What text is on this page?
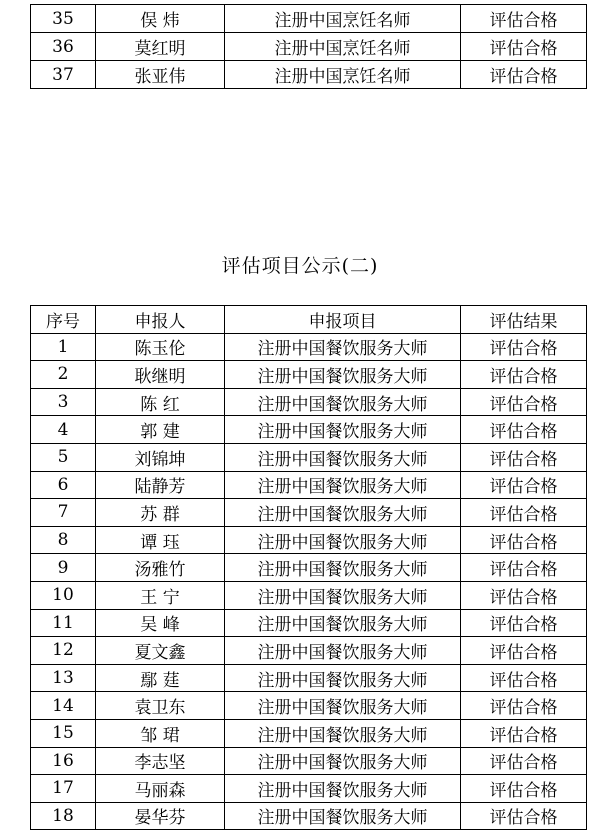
35	俣 炜	注册中国烹饪名师	评估合格
36	莫红明	注册中国烹饪名师	评估合格
37	张亚伟	注册中国烹饪名师	评估合格
评估项目公示(二)
序号	申报人	申报项目	评估结果
1	陈玉伦	注册中国餐饮服务大师	评估合格
2	耿继明	注册中国餐饮服务大师	评估合格
3	陈 红	注册中国餐饮服务大师	评估合格
4	郭 建	注册中国餐饮服务大师	评估合格
5	刘锦坤	注册中国餐饮服务大师	评估合格
6	陆静芳	注册中国餐饮服务大师	评估合格
7	苏 群	注册中国餐饮服务大师	评估合格
8	谭 珏	注册中国餐饮服务大师	评估合格
9	汤雅竹	注册中国餐饮服务大师	评估合格
10	王 宁	注册中国餐饮服务大师	评估合格
11	吴 峰	注册中国餐饮服务大师	评估合格
12	夏文鑫	注册中国餐饮服务大师	评估合格
13	鄢 莛	注册中国餐饮服务大师	评估合格
14	袁卫东	注册中国餐饮服务大师	评估合格
15	邹 珺	注册中国餐饮服务大师	评估合格
16	李志坚	注册中国餐饮服务大师	评估合格
17	马丽森	注册中国餐饮服务大师	评估合格
18	晏华芬	注册中国餐饮服务大师	评估合格
